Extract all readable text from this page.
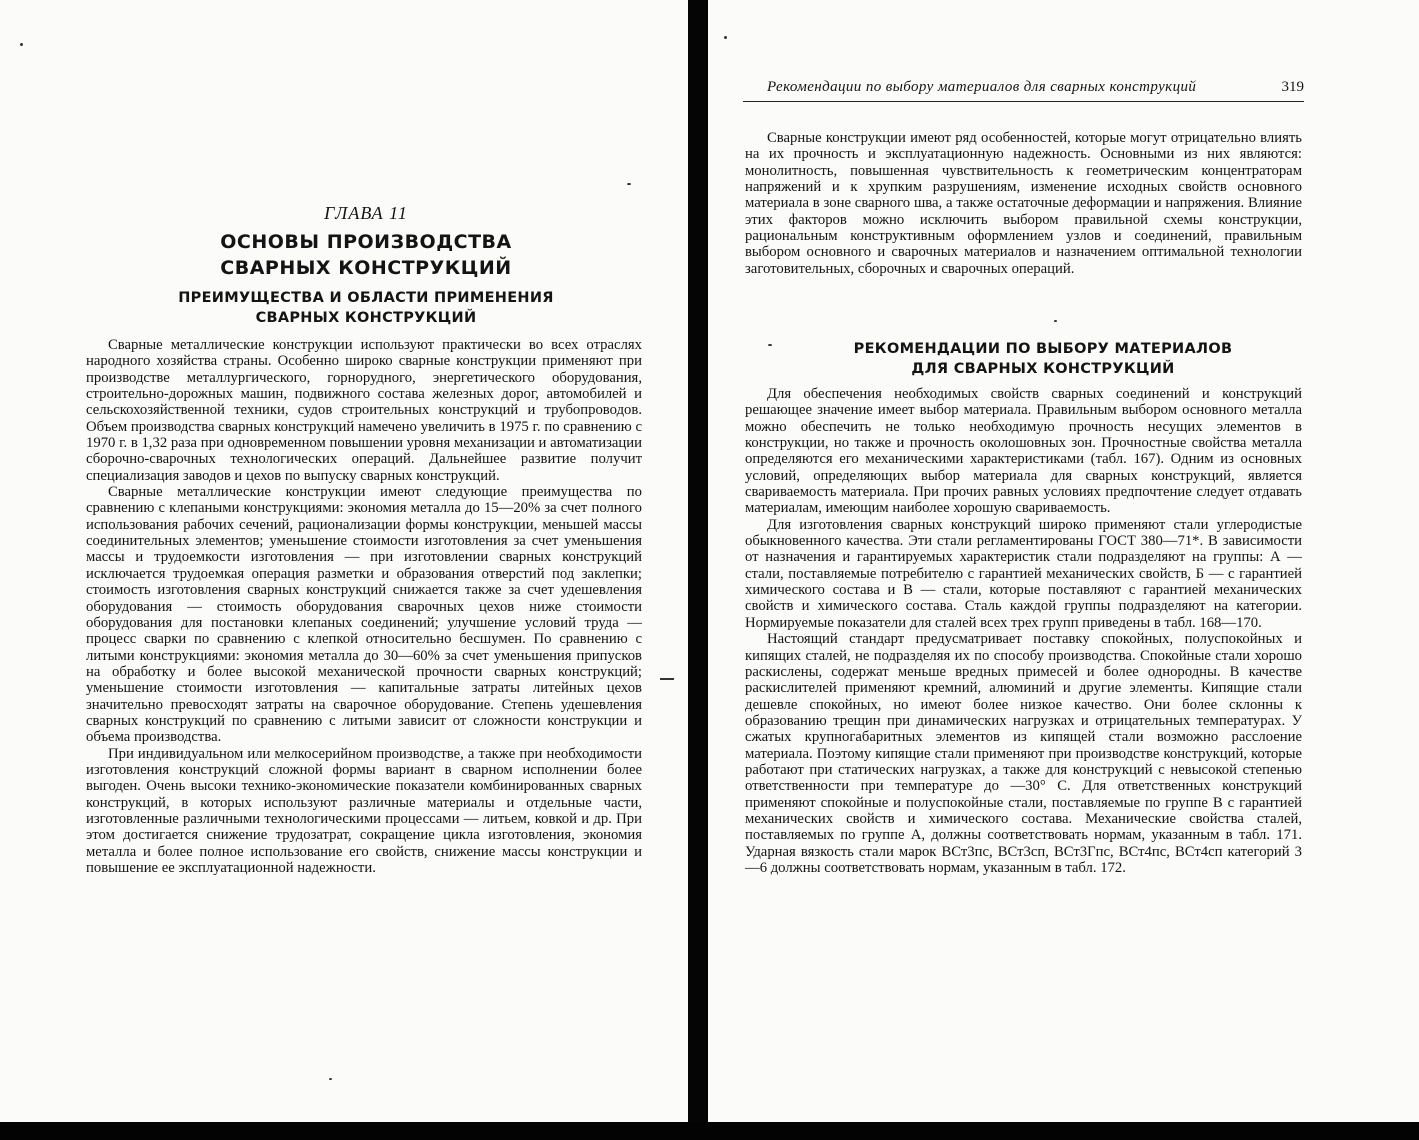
ГЛАВА 11
ОСНОВЫ ПРОИЗВОДСТВА
СВАРНЫХ КОНСТРУКЦИЙ
ПРЕИМУЩЕСТВА И ОБЛАСТИ ПРИМЕНЕНИЯ
СВАРНЫХ КОНСТРУКЦИЙ

Сварные металлические конструкции используют практически во всех отраслях народного хозяйства страны. Особенно широко сварные конструкции применяют при производстве металлургического, горнорудного, энергетического оборудования, строительно-дорожных машин, подвижного состава железных дорог, автомобилей и сельскохозяйственной техники, судов строительных конструкций и трубопроводов. Объем производства сварных конструкций намечено увеличить в 1975 г. по сравнению с 1970 г. в 1,32 раза при одновременном повышении уровня механизации и автоматизации сборочно-сварочных технологических операций. Дальнейшее развитие получит специализация заводов и цехов по выпуску сварных конструкций.

Сварные металлические конструкции имеют следующие преимущества по сравнению с клепаными конструкциями: экономия металла до 15—20% за счет полного использования рабочих сечений, рационализации формы конструкции, меньшей массы соединительных элементов; уменьшение стоимости изготовления за счет уменьшения массы и трудоемкости изготовления — при изготовлении сварных конструкций исключается трудоемкая операция разметки и образования отверстий под заклепки; стоимость изготовления сварных конструкций снижается также за счет удешевления оборудования — стоимость оборудования сварочных цехов ниже стоимости оборудования для постановки клепаных соединений; улучшение условий труда — процесс сварки по сравнению с клепкой относительно бесшумен. По сравнению с литыми конструкциями: экономия металла до 30—60% за счет уменьшения припусков на обработку и более высокой механической прочности сварных конструкций; уменьшение стоимости изготовления — капитальные затраты литейных цехов значительно превосходят затраты на сварочное оборудование. Степень удешевления сварных конструкций по сравнению с литыми зависит от сложности конструкции и объема производства.

При индивидуальном или мелкосерийном производстве, а также при необходимости изготовления конструкций сложной формы вариант в сварном исполнении более выгоден. Очень высоки технико-экономические показатели комбинированных сварных конструкций, в которых используют различные материалы и отдельные части, изготовленные различными технологическими процессами — литьем, ковкой и др. При этом достигается снижение трудозатрат, сокращение цикла изготовления, экономия металла и более полное использование его свойств, снижение массы конструкции и повышение ее эксплуатационной надежности.

Рекомендации по выбору материалов для сварных конструкций	319

Сварные конструкции имеют ряд особенностей, которые могут отрицательно влиять на их прочность и эксплуатационную надежность. Основными из них являются: монолитность, повышенная чувствительность к геометрическим концентраторам напряжений и к хрупким разрушениям, изменение исходных свойств основного материала в зоне сварного шва, а также остаточные деформации и напряжения. Влияние этих факторов можно исключить выбором правильной схемы конструкции, рациональным конструктивным оформлением узлов и соединений, правильным выбором основного и сварочных материалов и назначением оптимальной технологии заготовительных, сборочных и сварочных операций.

РЕКОМЕНДАЦИИ ПО ВЫБОРУ МАТЕРИАЛОВ
ДЛЯ СВАРНЫХ КОНСТРУКЦИЙ

Для обеспечения необходимых свойств сварных соединений и конструкций решающее значение имеет выбор материала. Правильным выбором основного металла можно обеспечить не только необходимую прочность несущих элементов в конструкции, но также и прочность околошовных зон. Прочностные свойства металла определяются его механическими характеристиками (табл. 167). Одним из основных условий, определяющих выбор материала для сварных конструкций, является свариваемость материала. При прочих равных условиях предпочтение следует отдавать материалам, имеющим наиболее хорошую свариваемость.

Для изготовления сварных конструкций широко применяют стали углеродистые обыкновенного качества. Эти стали регламентированы ГОСТ 380—71*. В зависимости от назначения и гарантируемых характеристик стали подразделяют на группы: А — стали, поставляемые потребителю с гарантией механических свойств, Б — с гарантией химического состава и В — стали, которые поставляют с гарантией механических свойств и химического состава. Сталь каждой группы подразделяют на категории. Нормируемые показатели для сталей всех трех групп приведены в табл. 168—170.

Настоящий стандарт предусматривает поставку спокойных, полуспокойных и кипящих сталей, не подразделяя их по способу производства. Спокойные стали хорошо раскислены, содержат меньше вредных примесей и более однородны. В качестве раскислителей применяют кремний, алюминий и другие элементы. Кипящие стали дешевле спокойных, но имеют более низкое качество. Они более склонны к образованию трещин при динамических нагрузках и отрицательных температурах. У сжатых крупногабаритных элементов из кипящей стали возможно расслоение материала. Поэтому кипящие стали применяют при производстве конструкций, которые работают при статических нагрузках, а также для конструкций с невысокой степенью ответственности при температуре до —30° С. Для ответственных конструкций применяют спокойные и полуспокойные стали, поставляемые по группе В с гарантией механических свойств и химического состава. Механические свойства сталей, поставляемых по группе А, должны соответствовать нормам, указанным в табл. 171. Ударная вязкость стали марок ВСт3пс, ВСт3сп, ВСт3Гпс, ВСт4пс, ВСт4сп категорий 3—6 должны соответствовать нормам, указанным в табл. 172.
